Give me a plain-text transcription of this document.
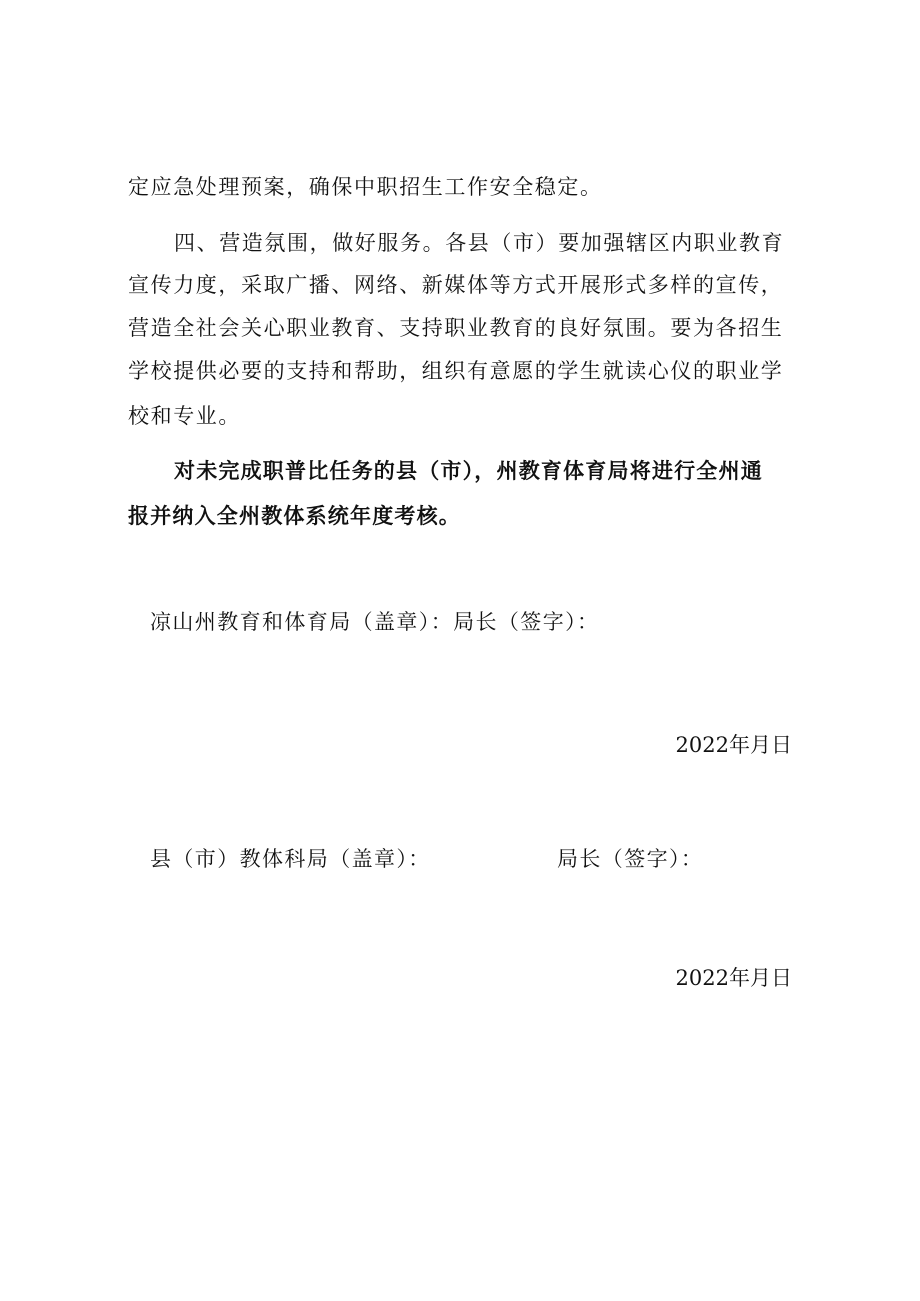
定应急处理预案，确保中职招生工作安全稳定。
四、营造氛围，做好服务。各县（市）要加强辖区内职业教育
宣传力度，采取广播、网络、新媒体等方式开展形式多样的宣传，
营造全社会关心职业教育、支持职业教育的良好氛围。要为各招生
学校提供必要的支持和帮助，组织有意愿的学生就读心仪的职业学
校和专业。
对未完成职普比任务的县（市），州教育体育局将进行全州通
报并纳入全州教体系统年度考核。
凉山州教育和体育局（盖章）：局长（签字）：
2022年月日
县（市）教体科局（盖章）：	局长（签字）：
2022年月日
